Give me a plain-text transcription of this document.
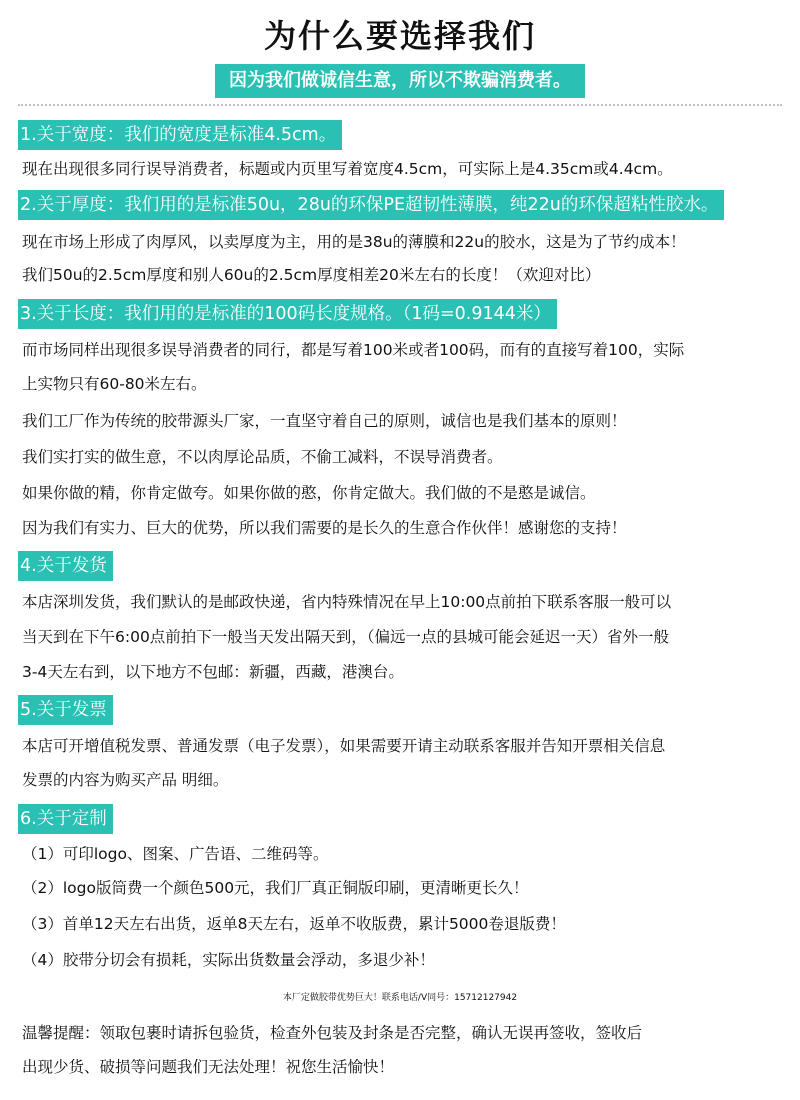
为什么要选择我们
因为我们做诚信生意，所以不欺骗消费者。
1.关于宽度：我们的宽度是标准4.5cm。
现在出现很多同行误导消费者，标题或内页里写着宽度4.5cm，可实际上是4.35cm或4.4cm。
2.关于厚度：我们用的是标准50u，28u的环保PE超韧性薄膜，纯22u的环保超粘性胶水。
现在市场上形成了肉厚风，以卖厚度为主，用的是38u的薄膜和22u的胶水，这是为了节约成本！
我们50u的2.5cm厚度和别人60u的2.5cm厚度相差20米左右的长度！（欢迎对比）
3.关于长度：我们用的是标准的100码长度规格。（1码=0.9144米）
而市场同样出现很多误导消费者的同行，都是写着100米或者100码，而有的直接写着100，实际
上实物只有60-80米左右。
我们工厂作为传统的胶带源头厂家，一直坚守着自己的原则，诚信也是我们基本的原则！
我们实打实的做生意，不以肉厚论品质，不偷工减料，不误导消费者。
如果你做的精，你肯定做夸。如果你做的憨，你肯定做大。我们做的不是憨是诚信。
因为我们有实力、巨大的优势，所以我们需要的是长久的生意合作伙伴！感谢您的支持！
4.关于发货
本店深圳发货，我们默认的是邮政快递，省内特殊情况在早上10:00点前拍下联系客服一般可以
当天到在下午6:00点前拍下一般当天发出隔天到，（偏远一点的县城可能会延迟一天）省外一般
3-4天左右到，以下地方不包邮：新疆，西藏，港澳台。
5.关于发票
本店可开增值税发票、普通发票（电子发票），如果需要开请主动联系客服并告知开票相关信息
发票的内容为购买产品 明细。
6.关于定制
（1）可印logo、图案、广告语、二维码等。
（2）logo版筒费一个颜色500元，我们厂真正铜版印刷，更清晰更长久！
（3）首单12天左右出货，返单8天左右，返单不收版费，累计5000卷退版费！
（4）胶带分切会有损耗，实际出货数量会浮动，多退少补！
本厂定做胶带优势巨大！联系电话/V同号：15712127942
温馨提醒：领取包裹时请拆包验货，检查外包装及封条是否完整，确认无误再签收，签收后
出现少货、破损等问题我们无法处理！祝您生活愉快！
